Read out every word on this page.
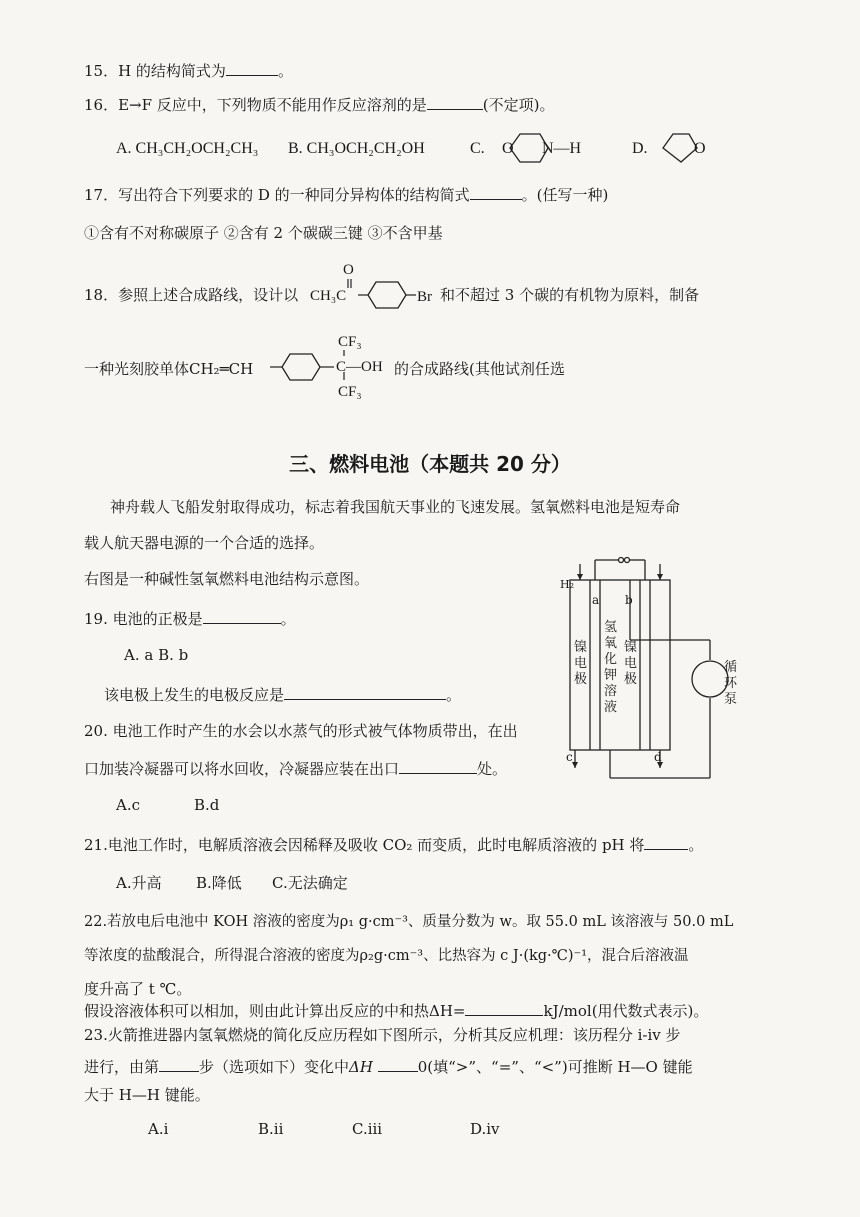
15．H 的结构简式为	。
16．E→F 反应中，下列物质不能用作反应溶剂的是	(不定项)。
A. CH₃CH₂OCH₂CH₃ B. CH₃OCH₂CH₂OH	C. O N—H	D.	O
17．写出符合下列要求的 D 的一种同分异构体的结构简式	。(任写一种)
①含有不对称碳原子 ②含有 2 个碳碳三键 ③不含甲基
18．参照上述合成路线，设计以 CH₃C
O
Br 和不超过 3 个碳的有机物为原料，制备
一种光刻胶单体CH₂═CH
CF₃
C—OH
CF₃
的合成路线(其他试剂任选
三、燃料电池（本题共 20 分）
神舟载人飞船发射取得成功，标志着我国航天事业的飞速发展。氢氧燃料电池是短寿命
载人航天器电源的一个合适的选择。
右图是一种碱性氢氧燃料电池结构示意图。
19. 电池的正极是	。
A. a B. b
该电极上发生的电极反应是	。
20. 电池工作时产生的水会以水蒸气的形式被气体物质带出，在出
口加装冷凝器可以将水回收，冷凝器应装在出口	处。
A.c	B.d
21.电池工作时，电解质溶液会因稀释及吸收 CO₂ 而变质，此时电解质溶液的 pH 将	。
A.升高 B.降低 C.无法确定
22.若放电后电池中 KOH 溶液的密度为ρ₁ g·cm⁻³、质量分数为 w。取 55.0 mL 该溶液与 50.0 mL
等浓度的盐酸混合，所得混合溶液的密度为ρ₂g·cm⁻³、比热容为 c J·(kg·℃)⁻¹，混合后溶液温
度升高了 t ℃。
假设溶液体积可以相加，则由此计算出反应的中和热ΔH=	kJ/mol(用代数式表示)。
23.火箭推进器内氢氧燃烧的简化反应历程如下图所示，分析其反应机理：该历程分 i-iv 步
进行，由第	步（选项如下）变化中ΔH	0(填“>”、“=”、“<”)可推断 H—O 键能
大于 H—H 键能。
A.i	B.ii	C.iii	D.iv
H₂
a b
c	d
镍电极
氢氧化钾溶液
镍电极
循环泵
